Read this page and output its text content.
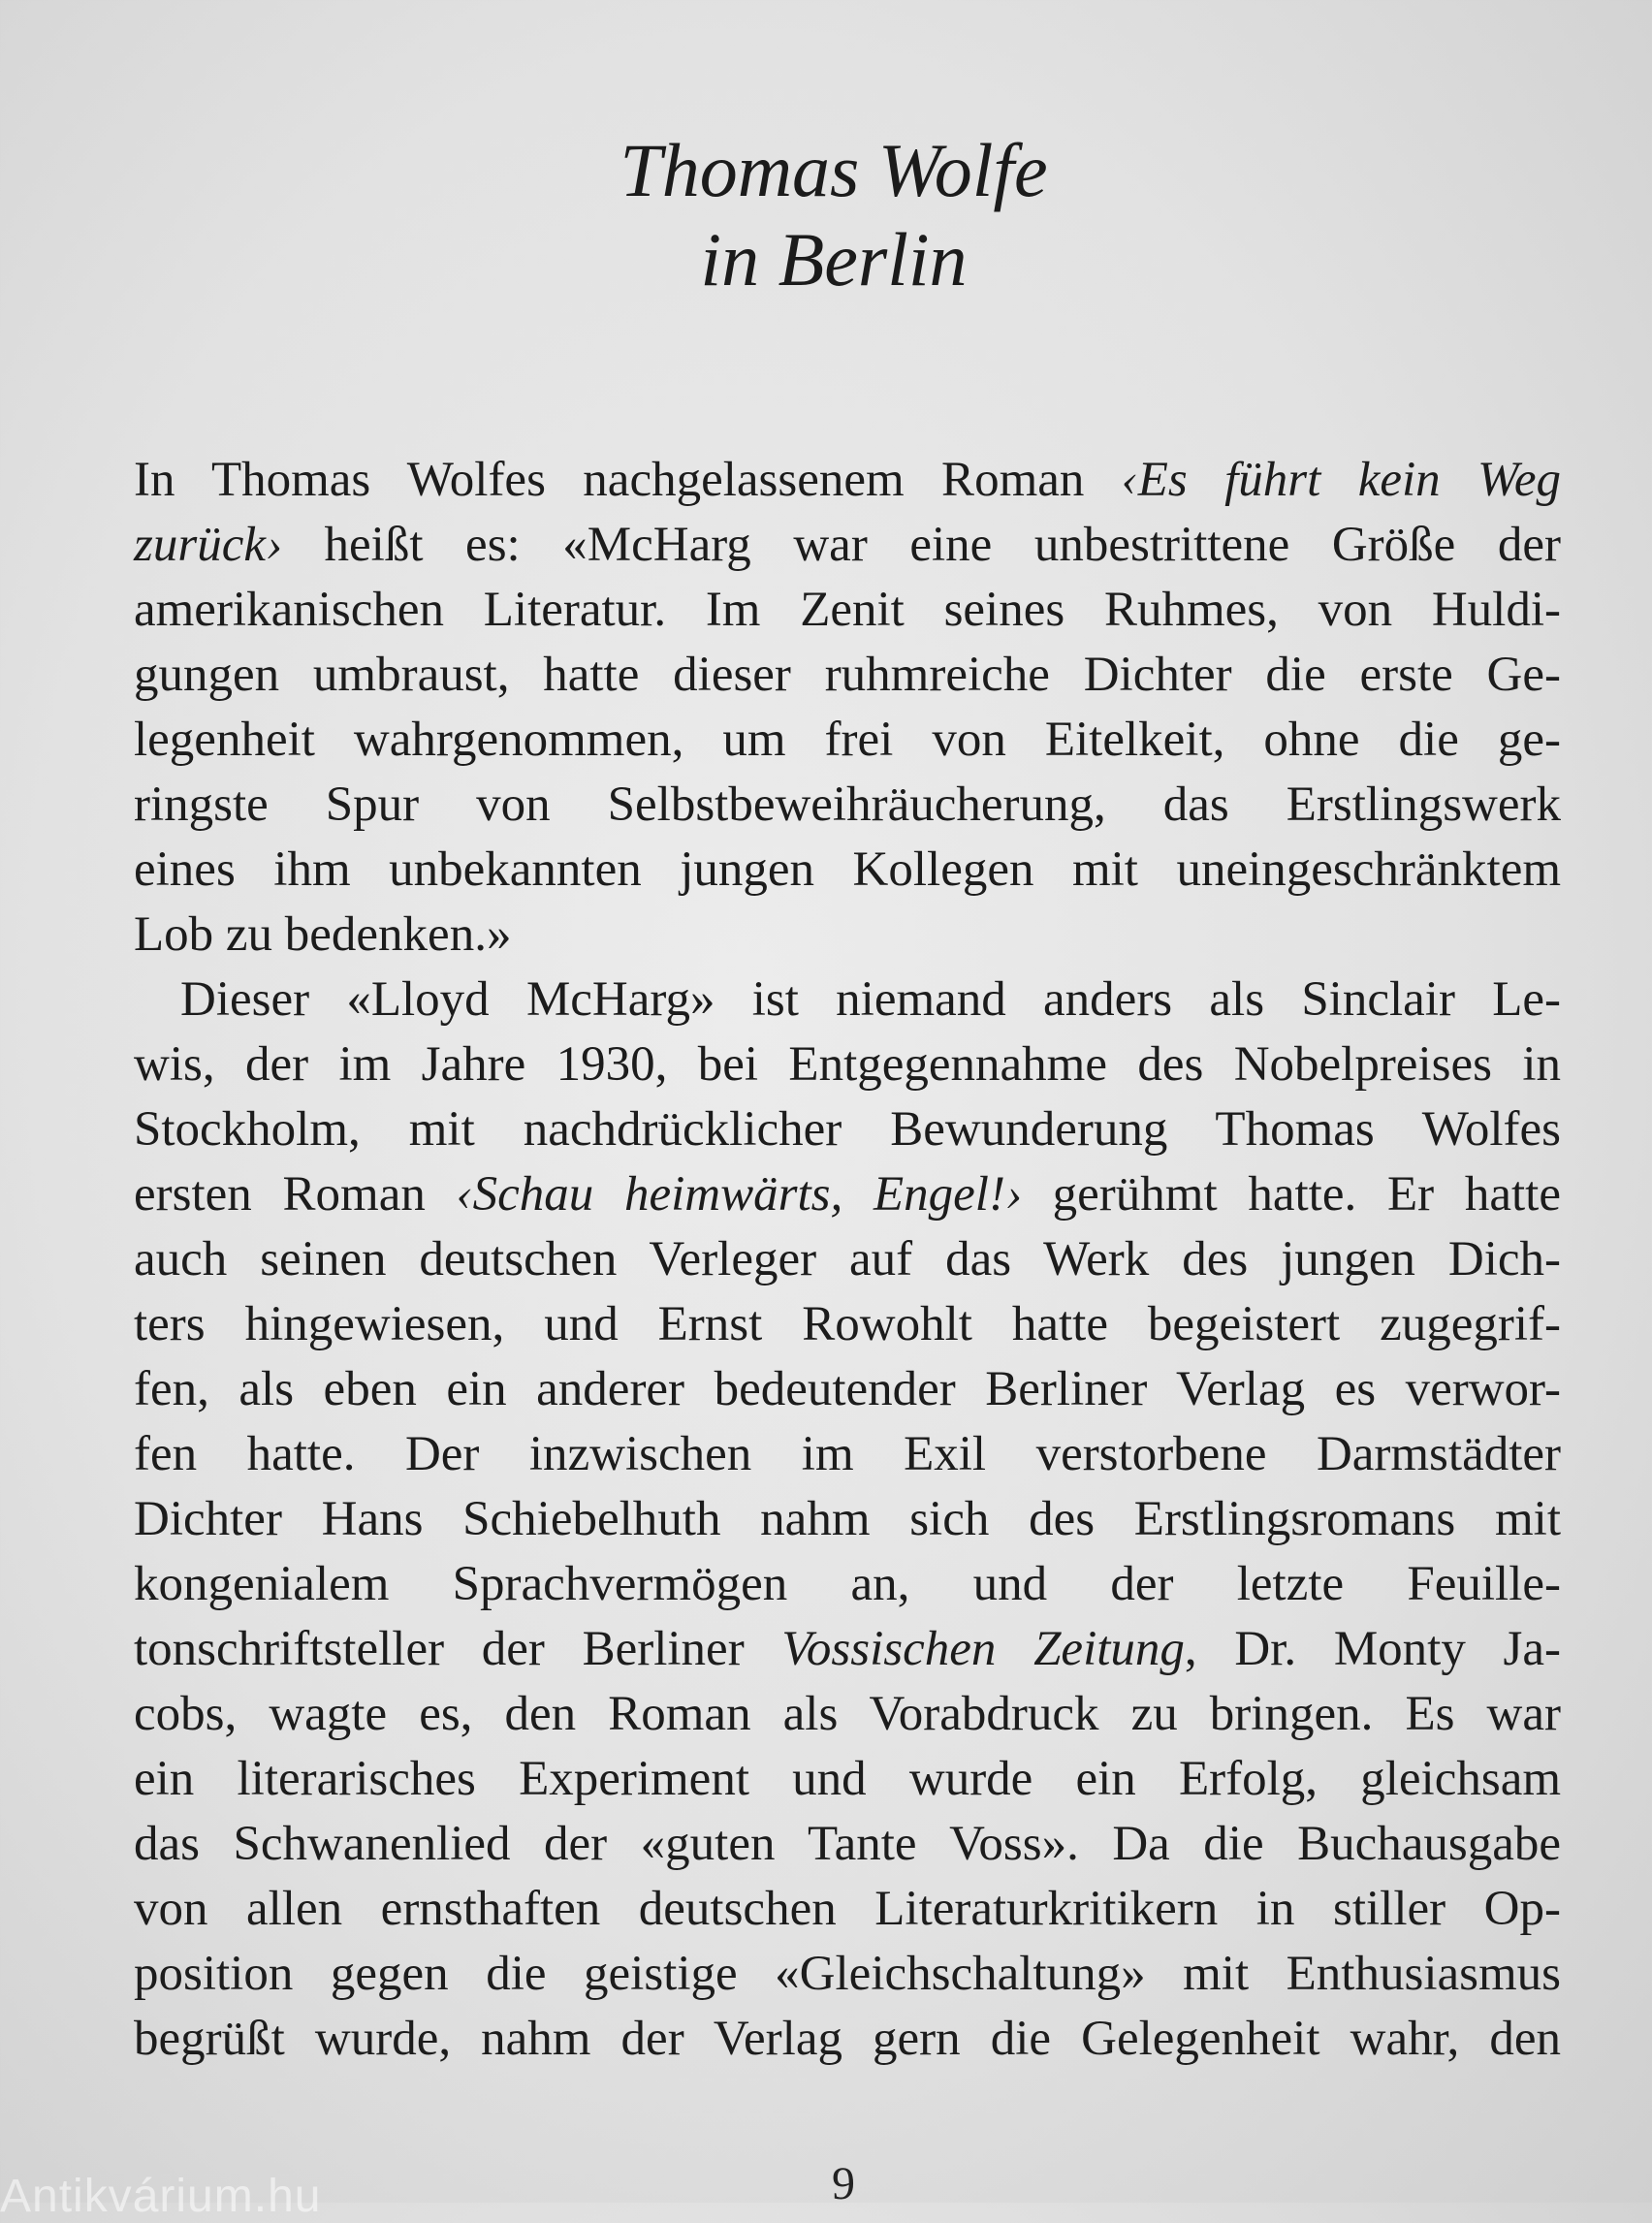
Thomas Wolfe
in Berlin
In Thomas Wolfes nachgelassenem Roman ‹Es führt kein Weg
zurück› heißt es: «McHarg war eine unbestrittene Größe der
amerikanischen Literatur. Im Zenit seines Ruhmes, von Huldi-
gungen umbraust, hatte dieser ruhmreiche Dichter die erste Ge-
legenheit wahrgenommen, um frei von Eitelkeit, ohne die ge-
ringste Spur von Selbstbeweihräucherung, das Erstlingswerk
eines ihm unbekannten jungen Kollegen mit uneingeschränktem
Lob zu bedenken.»
Dieser «Lloyd McHarg» ist niemand anders als Sinclair Le-
wis, der im Jahre 1930, bei Entgegennahme des Nobelpreises in
Stockholm, mit nachdrücklicher Bewunderung Thomas Wolfes
ersten Roman ‹Schau heimwärts, Engel!› gerühmt hatte. Er hatte
auch seinen deutschen Verleger auf das Werk des jungen Dich-
ters hingewiesen, und Ernst Rowohlt hatte begeistert zugegrif-
fen, als eben ein anderer bedeutender Berliner Verlag es verwor-
fen hatte. Der inzwischen im Exil verstorbene Darmstädter
Dichter Hans Schiebelhuth nahm sich des Erstlingsromans mit
kongenialem Sprachvermögen an, und der letzte Feuille-
tonschriftsteller der Berliner Vossischen Zeitung, Dr. Monty Ja-
cobs, wagte es, den Roman als Vorabdruck zu bringen. Es war
ein literarisches Experiment und wurde ein Erfolg, gleichsam
das Schwanenlied der «guten Tante Voss». Da die Buchausgabe
von allen ernsthaften deutschen Literaturkritikern in stiller Op-
position gegen die geistige «Gleichschaltung» mit Enthusiasmus
begrüßt wurde, nahm der Verlag gern die Gelegenheit wahr, den
9
Antikvárium.hu
